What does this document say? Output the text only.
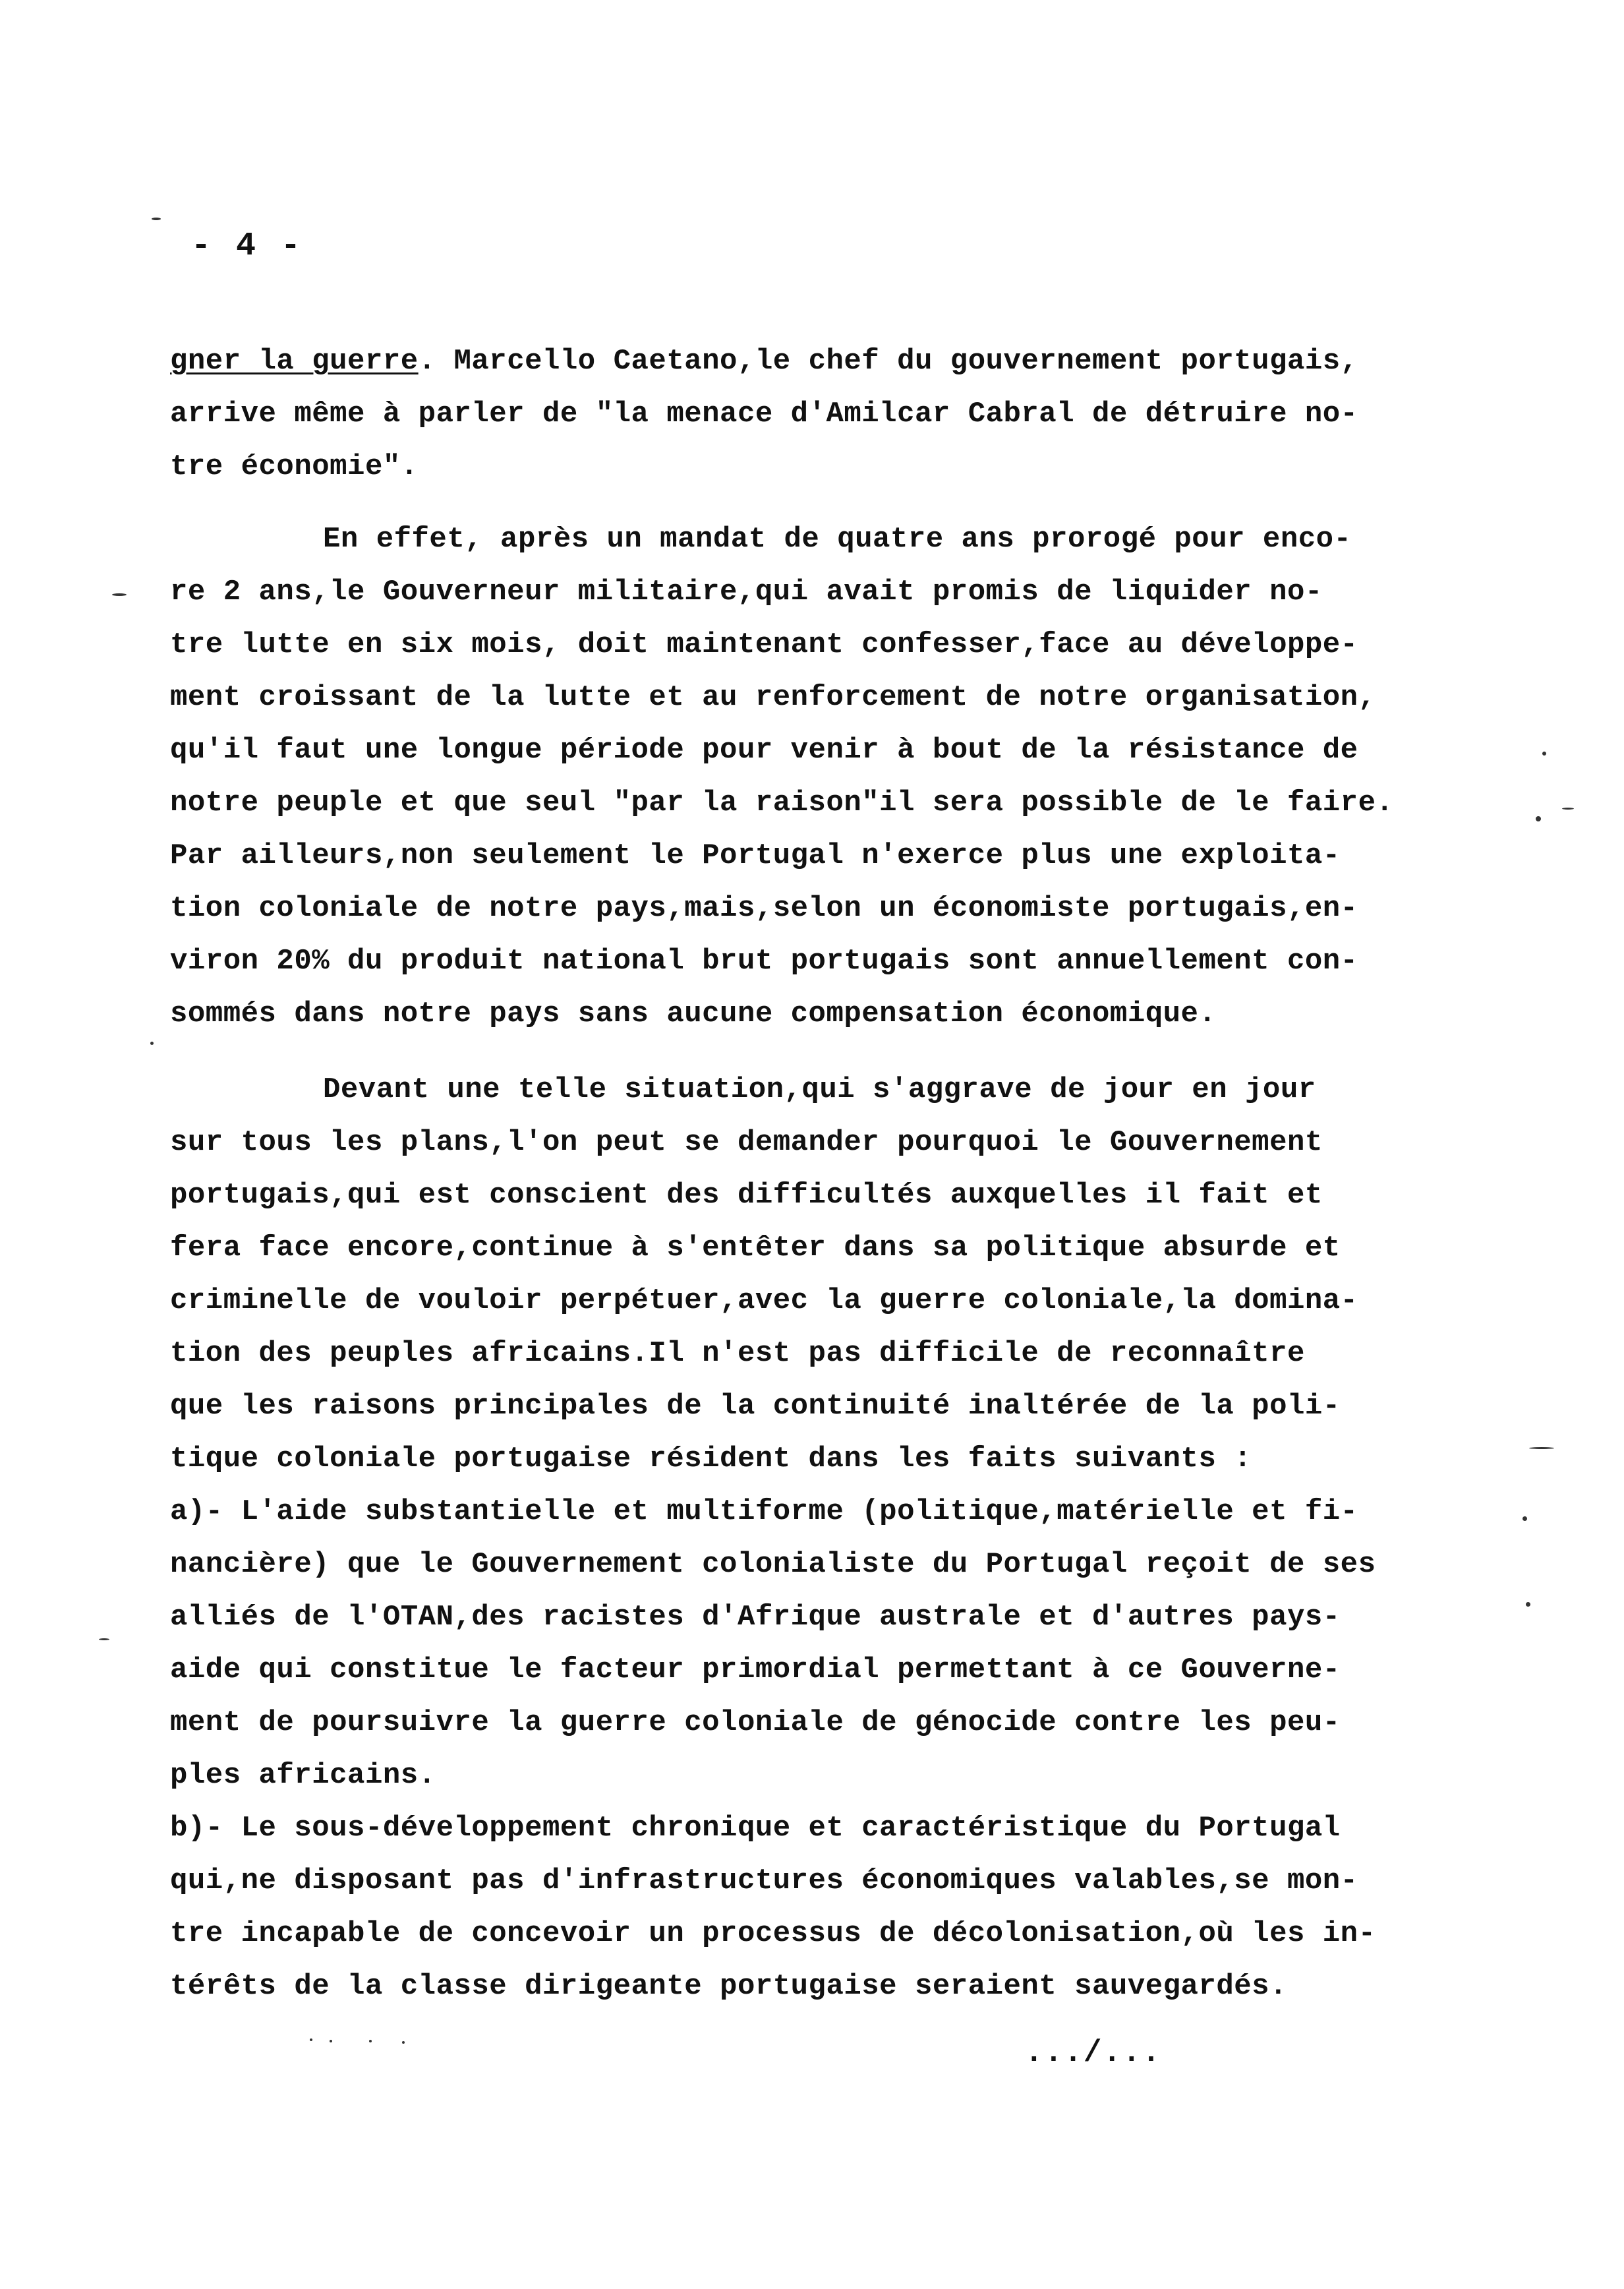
- 4 -
gner la guerre. Marcello Caetano,le chef du gouvernement portugais,
arrive même à parler de "la menace d'Amilcar Cabral de détruire no-
tre économie".
En effet, après un mandat de quatre ans prorogé pour enco-
re 2 ans,le Gouverneur militaire,qui avait promis de liquider no-
tre lutte en six mois, doit maintenant confesser,face au développe-
ment croissant de la lutte et au renforcement de notre organisation,
qu'il faut une longue période pour venir à bout de la résistance de
notre peuple et que seul "par la raison"il sera possible de le faire.
Par ailleurs,non seulement le Portugal n'exerce plus une exploita-
tion coloniale de notre pays,mais,selon un économiste portugais,en-
viron 20% du produit national brut portugais sont annuellement con-
sommés dans notre pays sans aucune compensation économique.
Devant une telle situation,qui s'aggrave de jour en jour
sur tous les plans,l'on peut se demander pourquoi le Gouvernement
portugais,qui est conscient des difficultés auxquelles il fait et
fera face encore,continue à s'entêter dans sa politique absurde et
criminelle de vouloir perpétuer,avec la guerre coloniale,la domina-
tion des peuples africains.Il n'est pas difficile de reconnaître
que les raisons principales de la continuité inaltérée de la poli-
tique coloniale portugaise résident dans les faits suivants :
a)- L'aide substantielle et multiforme (politique,matérielle et fi-
nancière) que le Gouvernement colonialiste du Portugal reçoit de ses
alliés de l'OTAN,des racistes d'Afrique australe et d'autres pays-
aide qui constitue le facteur primordial permettant à ce Gouverne-
ment de poursuivre la guerre coloniale de génocide contre les peu-
ples africains.
b)- Le sous-développement chronique et caractéristique du Portugal
qui,ne disposant pas d'infrastructures économiques valables,se mon-
tre incapable de concevoir un processus de décolonisation,où les in-
térêts de la classe dirigeante portugaise seraient sauvegardés.
.../...
